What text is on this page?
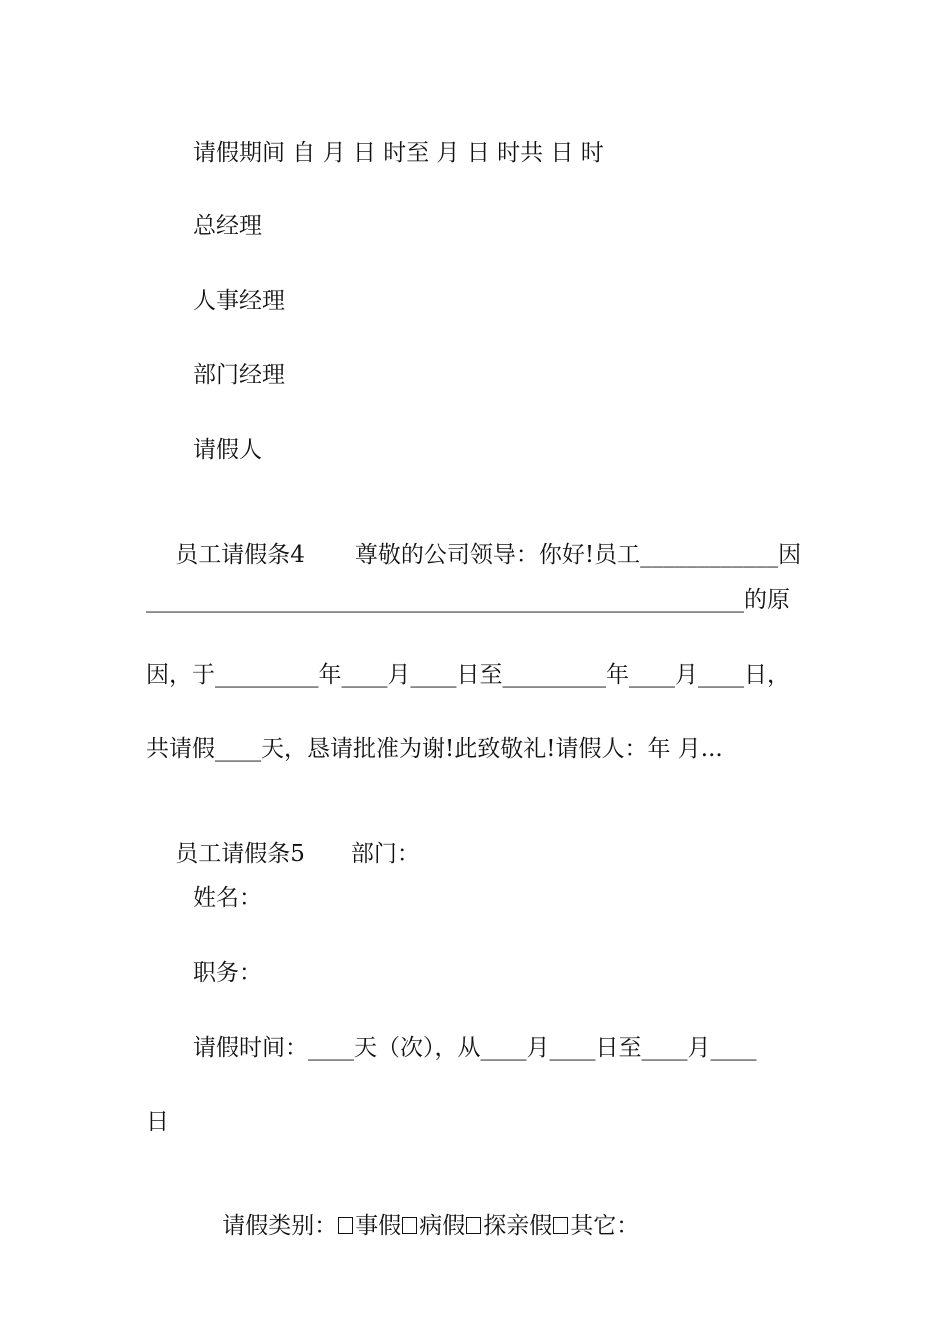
请假期间 自 月 日 时至 月 日 时共 日 时
总经理
人事经理
部门经理
请假人

员工请假条4 尊敬的公司领导：你好!员工____________因

____________________________________________________的原
因，于_________年____月____日至_________年____月____日，
共请假____天，恳请批准为谢!此致敬礼!请假人：年 月...

员工请假条5 部门：

姓名：
职务：
请假时间：____天（次），从____月____日至____月____
日

请假类别： 事假 病假 探亲假 其它：
